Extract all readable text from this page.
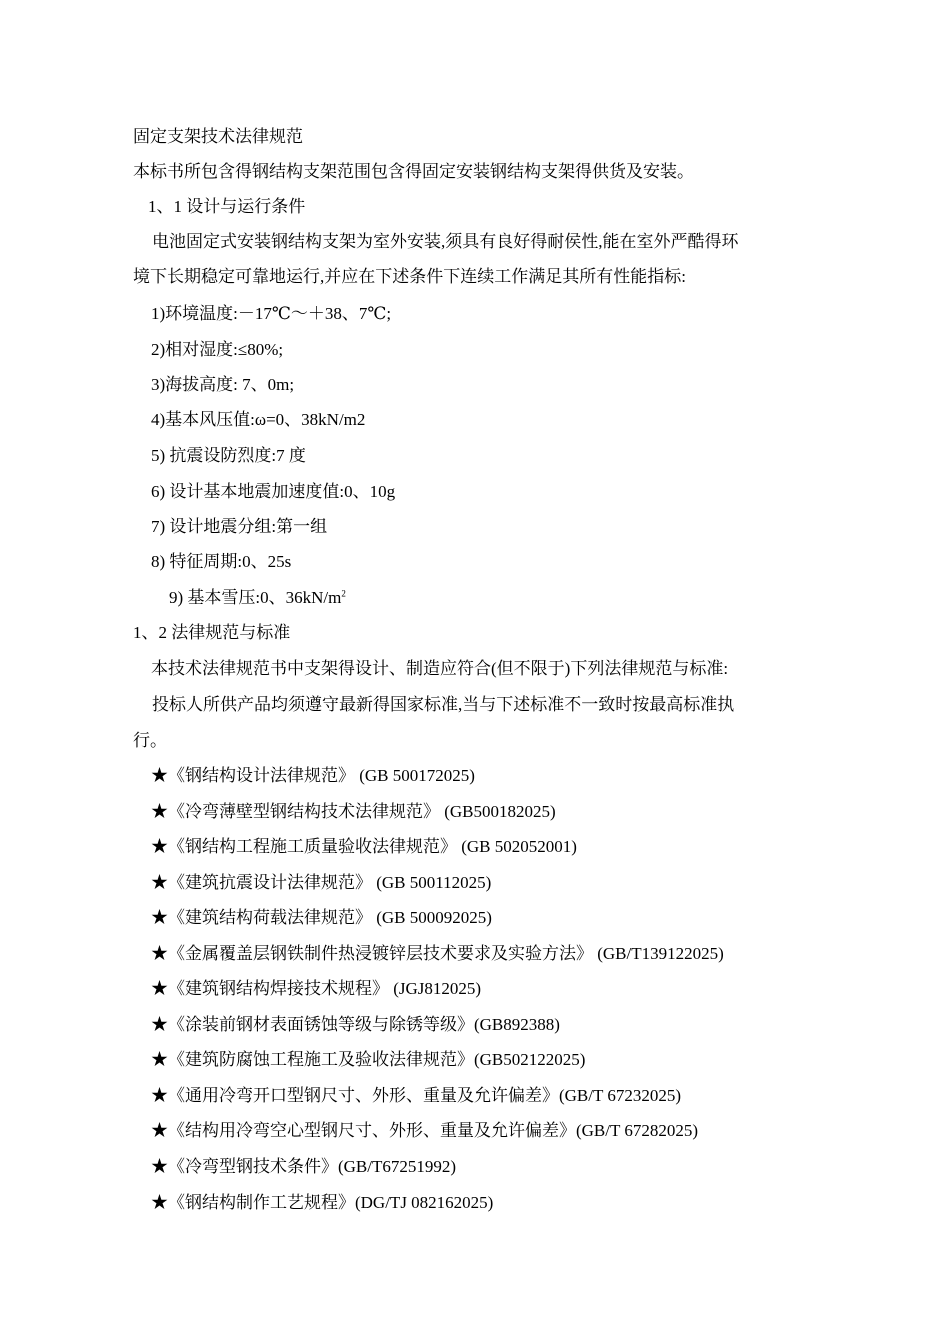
固定支架技术法律规范
本标书所包含得钢结构支架范围包含得固定安装钢结构支架得供货及安装。
1、1 设计与运行条件
电池固定式安装钢结构支架为室外安装,须具有良好得耐侯性,能在室外严酷得环
境下长期稳定可靠地运行,并应在下述条件下连续工作满足其所有性能指标:
1)环境温度:－17℃～＋38、7℃;
2)相对湿度:≤80%;
3)海拔高度: 7、0m;
4)基本风压值:ω=0、38kN/m2
5) 抗震设防烈度:7 度
6) 设计基本地震加速度值:0、10g
7) 设计地震分组:第一组
8) 特征周期:0、25s
9) 基本雪压:0、$36kN/m^2$
1、2 法律规范与标准
本技术法律规范书中支架得设计、制造应符合(但不限于)下列法律规范与标准:
投标人所供产品均须遵守最新得国家标准,当与下述标准不一致时按最高标准执
行。
★《钢结构设计法律规范》 (GB 500172025)
★《冷弯薄壁型钢结构技术法律规范》 (GB500182025)
★《钢结构工程施工质量验收法律规范》 (GB 502052001)
★《建筑抗震设计法律规范》 (GB 500112025)
★《建筑结构荷载法律规范》 (GB 500092025)
★《金属覆盖层钢铁制件热浸镀锌层技术要求及实验方法》 (GB/T139122025)
★《建筑钢结构焊接技术规程》 (JGJ812025)
★《涂装前钢材表面锈蚀等级与除锈等级》(GB892388)
★《建筑防腐蚀工程施工及验收法律规范》(GB502122025)
★《通用冷弯开口型钢尺寸、外形、重量及允许偏差》(GB/T 67232025)
★《结构用冷弯空心型钢尺寸、外形、重量及允许偏差》(GB/T 67282025)
★《冷弯型钢技术条件》(GB/T67251992)
★《钢结构制作工艺规程》(DG/TJ 082162025)
